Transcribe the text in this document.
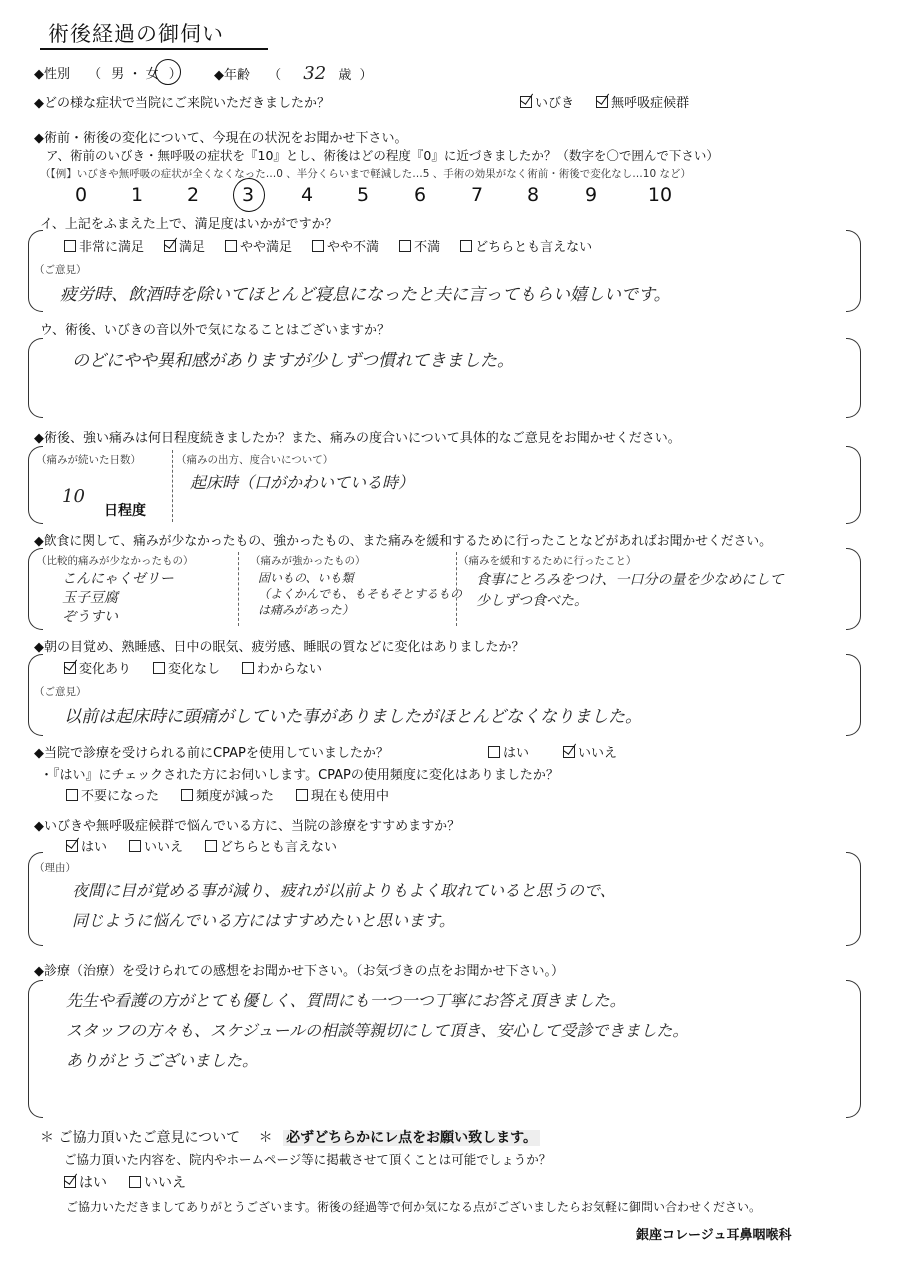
術後経過の御伺い
◆性別 （ 男 ・ 女 ） ◆年齢 （ 32 歳 ）
◆どの様な症状で当院にご来院いただきましたか？	いびき	無呼吸症候群
◆術前・術後の変化について、今現在の状況をお聞かせ下さい。
ア、術前のいびき・無呼吸の症状を『10』とし、術後はどの程度『0』に近づきましたか？（数字を〇で囲んで下さい）
（【例】いびきや無呼吸の症状が全くなくなった…0 、半分くらいまで軽減した…5 、手術の効果がなく術前・術後で変化なし…10 など）
0	1	2	3	4	5	6	7	8	9	10
イ、上記をふまえた上で、満足度はいかがですか？
非常に満足	満足	やや満足	やや不満	不満	どちらとも言えない
（ご意見）
疲労時、飲酒時を除いてほとんど寝息になったと夫に言ってもらい嬉しいです。
ウ、術後、いびきの音以外で気になることはございますか？
のどにやや異和感がありますが少しずつ慣れてきました。
◆術後、強い痛みは何日程度続きましたか？また、痛みの度合いについて具体的なご意見をお聞かせください。
（痛みが続いた日数）
10
日程度
（痛みの出方、度合いについて）
起床時（口がかわいている時）
◆飲食に関して、痛みが少なかったもの、強かったもの、また痛みを緩和するために行ったことなどがあればお聞かせください。
（比較的痛みが少なかったもの）
こんにゃくゼリー
玉子豆腐
ぞうすい
（痛みが強かったもの）
固いもの、いも類
（よくかんでも、もそもそとするもの
は痛みがあった）
（痛みを緩和するために行ったこと）
食事にとろみをつけ、一口分の量を少なめにして
少しずつ食べた。
◆朝の目覚め、熟睡感、日中の眠気、疲労感、睡眠の質などに変化はありましたか？
変化あり	変化なし	わからない
（ご意見）
以前は起床時に頭痛がしていた事がありましたがほとんどなくなりました。
◆当院で診療を受けられる前にCPAPを使用していましたか？	はい	いいえ
・『はい』にチェックされた方にお伺いします。CPAPの使用頻度に変化はありましたか？
不要になった	頻度が減った	現在も使用中
◆いびきや無呼吸症候群で悩んでいる方に、当院の診療をすすめますか？
はい	いいえ	どちらとも言えない
（理由）
夜間に目が覚める事が減り、疲れが以前よりもよく取れていると思うので、
同じように悩んでいる方にはすすめたいと思います。
◆診療（治療）を受けられての感想をお聞かせ下さい。（お気づきの点をお聞かせ下さい。）
先生や看護の方がとても優しく、質問にも一つ一つ丁寧にお答え頂きました。
スタッフの方々も、スケジュールの相談等親切にして頂き、安心して受診できました。
ありがとうございました。
＊ ご協力頂いたご意見について ＊ 必ずどちらかにレ点をお願い致します。
ご協力頂いた内容を、院内やホームページ等に掲載させて頂くことは可能でしょうか？
はい	いいえ
ご協力いただきましてありがとうございます。術後の経過等で何か気になる点がございましたらお気軽に御問い合わせください。
銀座コレージュ耳鼻咽喉科
